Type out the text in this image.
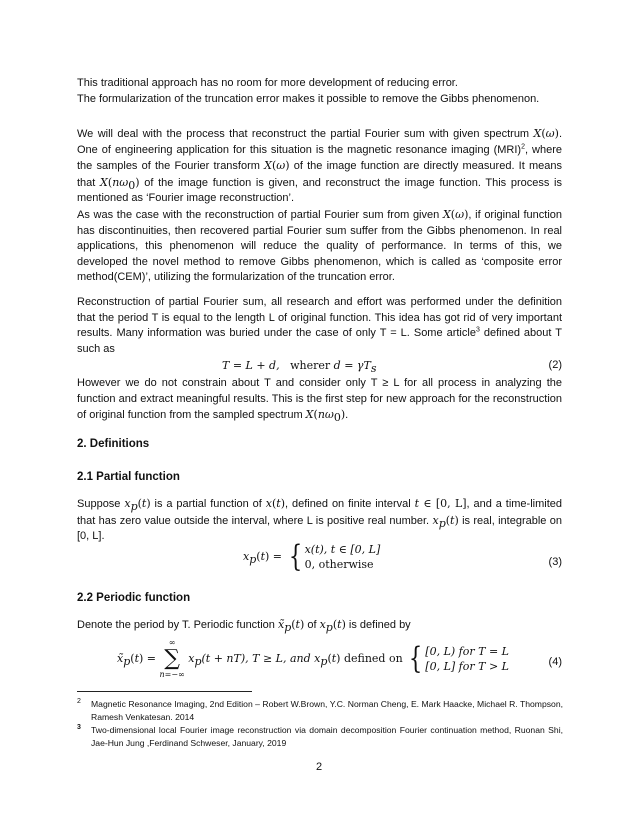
This traditional approach has no room for more development of reducing error.

The formularization of the truncation error makes it possible to remove the Gibbs phenomenon.

We will deal with the process that reconstruct the partial Fourier sum with given spectrum X(ω). One of engineering application for this situation is the magnetic resonance imaging (MRI)$^2$, where the samples of the Fourier transform X(ω) of the image function are directly measured. It means that $X(n\omega_0)$ of the image function is given, and reconstruct the image function. This process is mentioned as ‘Fourier image reconstruction’.

As was the case with the reconstruction of partial Fourier sum from given X(ω), if original function has discontinuities, then recovered partial Fourier sum suffer from the Gibbs phenomenon. In real applications, this phenomenon will reduce the quality of performance. In terms of this, we developed the novel method to remove Gibbs phenomenon, which is called as ‘composite error method(CEM)’, utilizing the formularization of the truncation error.

Reconstruction of partial Fourier sum, all research and effort was performed under the definition that the period T is equal to the length L of original function. This idea has got rid of very important results. Many information was buried under the case of only T = L. Some article$^3$ defined about T such as

T = L + d, wherer $d = \gamma T_s$	(2)

However we do not constrain about T and consider only T ≥ L for all process in analyzing the function and extract meaningful results. This is the first step for new approach for the reconstruction of original function from the sampled spectrum $X(n\omega_0)$.

2. Definitions
2.1 Partial function

Suppose $x_p(t)$ is a partial function of x(t), defined on finite interval t ∈ [0, L], and a time-limited that has zero value outside the interval, where L is positive real number. $x_p(t)$ is real, integrable on [0, L].

$x_p(t)$ = { x(t), t ∈ [0, L]
0, otherwise	(3)
2.2 Periodic function

Denote the period by T. Periodic function $x̃_p(t)$ of $x_p(t)$ is defined by

$x̃_p(t)$ =
∞
∑
n=−∞
$x_p(t + nT)$, T ≥ L, and $x_p(t)$ defined on { [0, L) for T = L
[0, L] for T > L	(4)
2 Magnetic Resonance Imaging, 2nd Edition – Robert W.Brown, Y.C. Norman Cheng, E. Mark Haacke, Michael R. Thompson, Ramesh Venkatesan. 2014
3 Two-dimensional local Fourier image reconstruction via domain decomposition Fourier continuation method, Ruonan Shi, Jae-Hun Jung ,Ferdinand Schweser, January, 2019
2
